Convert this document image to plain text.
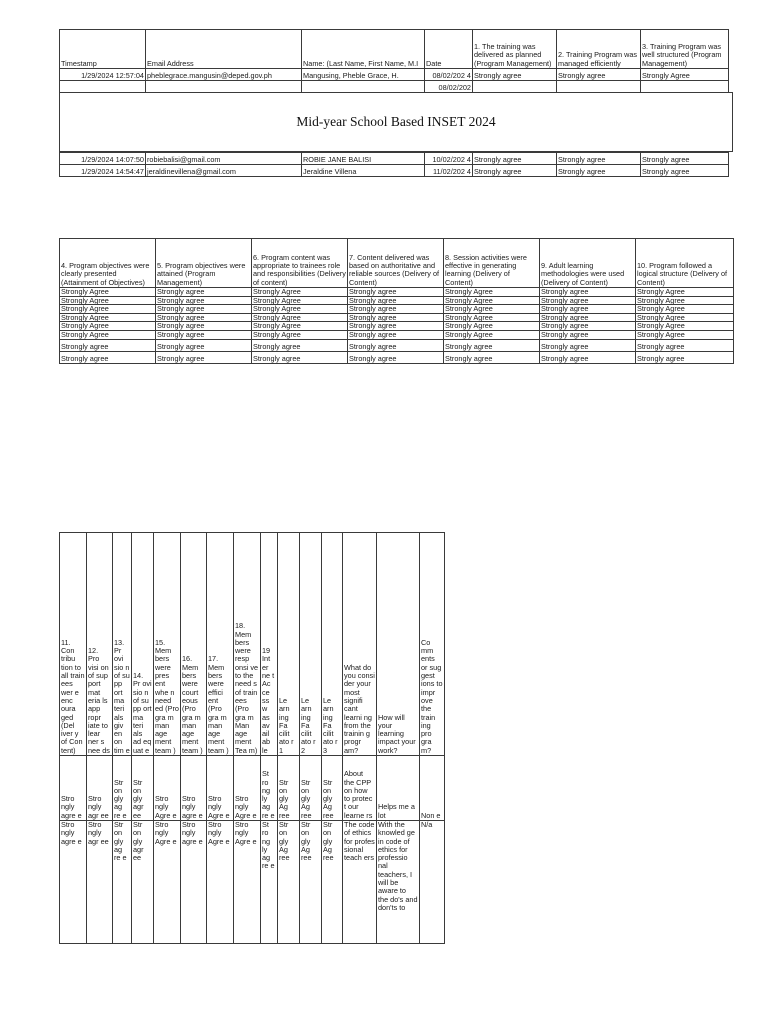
Timestamp	Email Address	Name: (Last Name, First Name, M.I	Date	1. The training was delivered as planned (Program Management)	2. Training Program was managed efficiently	3. Training Program was well structured (Program Management)
1/29/2024 12:57:04	pheblegrace.mangusin@deped.gov.ph	Mangusing, Pheble Grace, H.	08/02/202 4	Strongly agree	Strongly agree	Strongly Agree
			08/02/202			

1/29/2024 14:07:50	robiebalisi@gmail.com	ROBIE JANE BALISI	10/02/202 4	Strongly agree	Strongly agree	Strongly agree
1/29/2024 14:54:47	jeraldinevillena@gmail.com	Jeraldine Villena	11/02/202 4	Strongly agree	Strongly agree	Strongly agree
Mid-year School Based INSET 2024
4. Program objectives were clearly presented (Attainment of Objectives)	5. Program objectives were attained (Program Management)	6. Program content was appropriate to trainees role and responsibilities (Delivery of content)	7. Content delivered was based on authoritative and reliable sources (Delivery of Content)	8. Session activities were effective in generating learning (Delivery of Content)	9. Adult learning methodologies were used (Delivery of Content)	10. Program followed a logical structure (Delivery of Content)
Strongly Agree	Strongly agree	Strongly Agree	Strongly agree	Strongly Agree	Strongly agree	Strongly Agree
Strongly Agree	Strongly agree	Strongly Agree	Strongly agree	Strongly Agree	Strongly agree	Strongly Agree
Strongly Agree	Strongly agree	Strongly Agree	Strongly agree	Strongly Agree	Strongly agree	Strongly Agree
Strongly Agree	Strongly agree	Strongly Agree	Strongly agree	Strongly Agree	Strongly agree	Strongly Agree
Strongly Agree	Strongly agree	Strongly Agree	Strongly agree	Strongly Agree	Strongly agree	Strongly Agree
Strongly Agree	Strongly agree	Strongly Agree	Strongly agree	Strongly Agree	Strongly agree	Strongly Agree
Strongly agree	Strongly agree	Strongly agree	Strongly agree	Strongly agree	Strongly agree	Strongly agree
Strongly agree	Strongly agree	Strongly agree	Strongly agree	Strongly agree	Strongly agree	Strongly agree
11. Con tribu tion to all train ees wer e enc oura ged (Del iver y of Con tent)	12. Pro visi on of sup port mat eria ls app ropr iate to lear ner s nee ds	13. Pr ovi sio n of su pp ort ma teri als giv en on tim e	14. Pr ovi sio n of su pp ort ma teri als ad eq uat e	15. Mem bers were pres ent whe n need ed (Pro gra m man age ment team )	16. Mem bers were court eous (Pro gra m man age ment team )	17. Mem bers were effici ent (Pro gra m man age ment team )	18. Mem bers were resp onsi ve to the need s of train ees (Pro gra m Man age ment Tea m)	19 Int er ne t Ac ce ss w as av ail ab le	Le arn ing Fa cilit ato r 1	Le arn ing Fa cilit ato r 2	Le arn ing Fa cilit ato r 3	What do you consi der your most signifi cant learni ng from the trainin g progr am?	How will your learning impact your work?	Co mm ents or sug gest ions to impr ove the train ing pro gra m?
Stro ngly agre e	Stro ngly agr ee	Str on gly ag re e	Str on gly agr ee	Stro ngly Agre e	Stro ngly agre e	Stro ngly Agre e	Stro ngly Agre e	St ro ng ly ag re e	Str on gly Ag ree	Str on gly Ag ree	Str on gly Ag ree	About the CPP on how to protec t our learne rs	Helps me a lot	Non e
Stro ngly agre e	Stro ngly agr ee	Str on gly ag re e	Str on gly agr ee	Stro ngly Agre e	Stro ngly agre e	Stro ngly Agre e	Stro ngly Agre e	St ro ng ly ag re e	Str on gly Ag ree	Str on gly Ag ree	Str on gly Ag ree	The code of ethics for profes sional teach ers	With the knowled ge in code of ethics for professio nal teachers, I will be aware to the do's and don'ts to	N/a
